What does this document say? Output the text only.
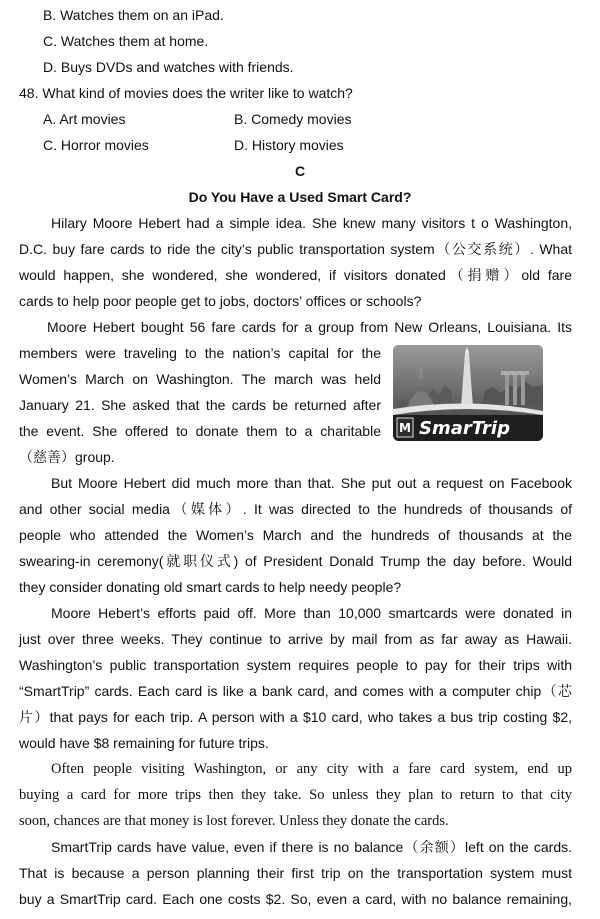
B. Watches them on an iPad.
C. Watches them at home.
D. Buys DVDs and watches with friends.
48. What kind of movies does the writer like to watch?
A. Art movies	B. Comedy movies
C. Horror movies	D. History movies
C
Do You Have a Used Smart Card?
Hilary Moore Hebert had a simple idea. She knew many visitors t o Washington,
D.C. buy fare cards to ride the city’s public transportation system（公交系统）. What
would happen, she wondered, she wondered, if visitors donated（捐赠）old fare
cards to help poor people get to jobs, doctors’ offices or schools?
Moore Hebert bought 56 fare cards for a group from New Orleans, Louisiana. Its
members were traveling to the nation’s capital for the
Women’s March on Washington. The march was held
January 21. She asked that the cards be returned after
the event. She offered to donate them to a charitable
（慈善）group.
M SmarTrip
But Moore Hebert did much more than that. She put out a request on Facebook
and other social media（媒体）. It was directed to the hundreds of thousands of
people who attended the Women’s March and the hundreds of thousands at the
swearing-in ceremony(就职仪式) of President Donald Trump the day before. Would
they consider donating old smart cards to help needy people?
Moore Hebert’s efforts paid off. More than 10,000 smartcards were donated in
just over three weeks. They continue to arrive by mail from as far away as Hawaii.
Washington’s public transportation system requires people to pay for their trips with
“SmartTrip” cards. Each card is like a bank card, and comes with a computer chip（芯
片）that pays for each trip. A person with a $10 card, who takes a bus trip costing $2,
would have $8 remaining for future trips.
Often people visiting Washington, or any city with a fare card system, end up
buying a card for more trips then they take. So unless they plan to return to that city
soon, chances are that money is lost forever. Unless they donate the cards.
SmartTrip cards have value, even if there is no balance（余额）left on the cards.
That is because a person planning their first trip on the transportation system must
buy a SmartTrip card. Each one costs $2. So, even a card, with no balance remaining,
